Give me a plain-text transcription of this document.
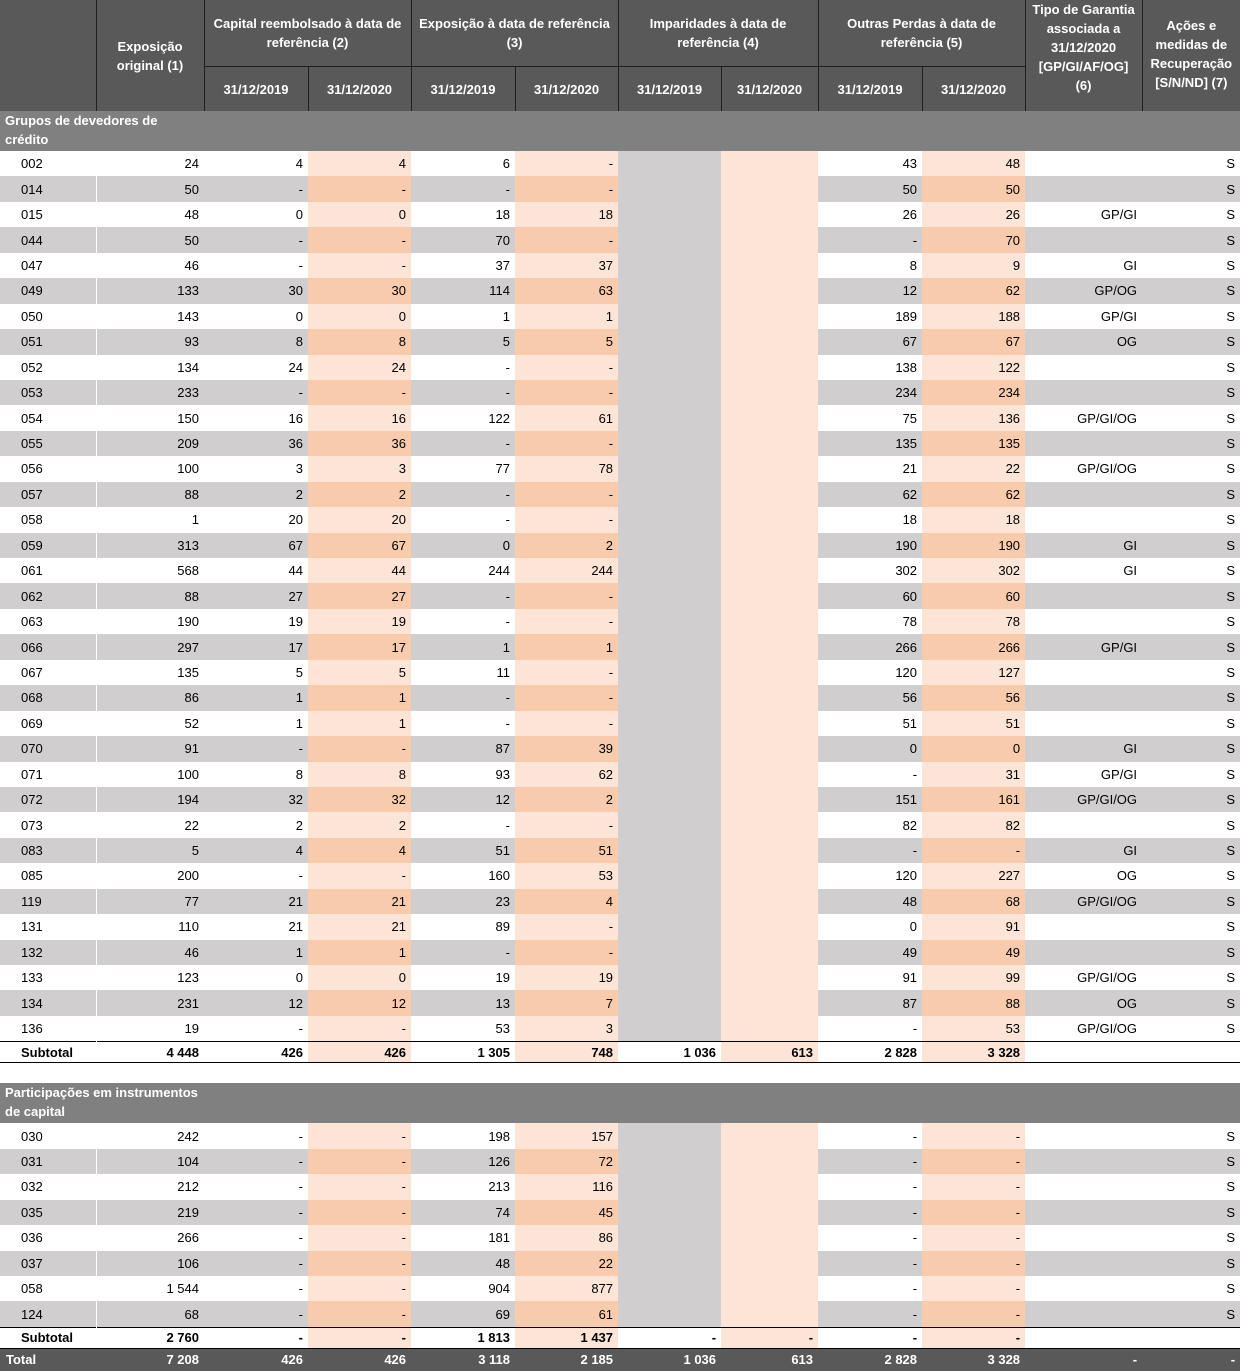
	Exposição original (1)	Capital reembolsado à data de referência (2)		Exposição à data de referência (3)		Imparidades à data de referência (4)		Outras Perdas à data de referência (5)		Tipo de Garantia associada a 31/12/2020 [GP/GI/AF/OG] (6)	Ações e medidas de Recuperação [S/N/ND] (7)
		31/12/2019	31/12/2020	31/12/2019	31/12/2020	31/12/2019	31/12/2020	31/12/2019	31/12/2020		
Grupos de devedores de crédito											
002	24	4	4	6	-			43	48		S
014	50	-	-	-	-			50	50		S
015	48	0	0	18	18			26	26	GP/GI	S
044	50	-	-	70	-			-	70		S
047	46	-	-	37	37			8	9	GI	S
049	133	30	30	114	63			12	62	GP/OG	S
050	143	0	0	1	1			189	188	GP/GI	S
051	93	8	8	5	5			67	67	OG	S
052	134	24	24	-	-			138	122		S
053	233	-	-	-	-			234	234		S
054	150	16	16	122	61			75	136	GP/GI/OG	S
055	209	36	36	-	-			135	135		S
056	100	3	3	77	78			21	22	GP/GI/OG	S
057	88	2	2	-	-			62	62		S
058	1	20	20	-	-			18	18		S
059	313	67	67	0	2			190	190	GI	S
061	568	44	44	244	244			302	302	GI	S
062	88	27	27	-	-			60	60		S
063	190	19	19	-	-			78	78		S
066	297	17	17	1	1			266	266	GP/GI	S
067	135	5	5	11	-			120	127		S
068	86	1	1	-	-			56	56		S
069	52	1	1	-	-			51	51		S
070	91	-	-	87	39			0	0	GI	S
071	100	8	8	93	62			-	31	GP/GI	S
072	194	32	32	12	2			151	161	GP/GI/OG	S
073	22	2	2	-	-			82	82		S
083	5	4	4	51	51			-	-	GI	S
085	200	-	-	160	53			120	227	OG	S
119	77	21	21	23	4			48	68	GP/GI/OG	S
131	110	21	21	89	-			0	91		S
132	46	1	1	-	-			49	49		S
133	123	0	0	19	19			91	99	GP/GI/OG	S
134	231	12	12	13	7			87	88	OG	S
136	19	-	-	53	3			-	53	GP/GI/OG	S
Subtotal	4 448	426	426	1 305	748	1 036	613	2 828	3 328		

Participações em instrumentos de capital											
030	242	-	-	198	157			-	-		S
031	104	-	-	126	72			-	-		S
032	212	-	-	213	116			-	-		S
035	219	-	-	74	45			-	-		S
036	266	-	-	181	86			-	-		S
037	106	-	-	48	22			-	-		S
058	1 544	-	-	904	877			-	-		S
124	68	-	-	69	61			-	-		S
Subtotal	2 760	-	-	1 813	1 437	-	-	-	-		
Total	7 208	426	426	3 118	2 185	1 036	613	2 828	3 328	-	-
